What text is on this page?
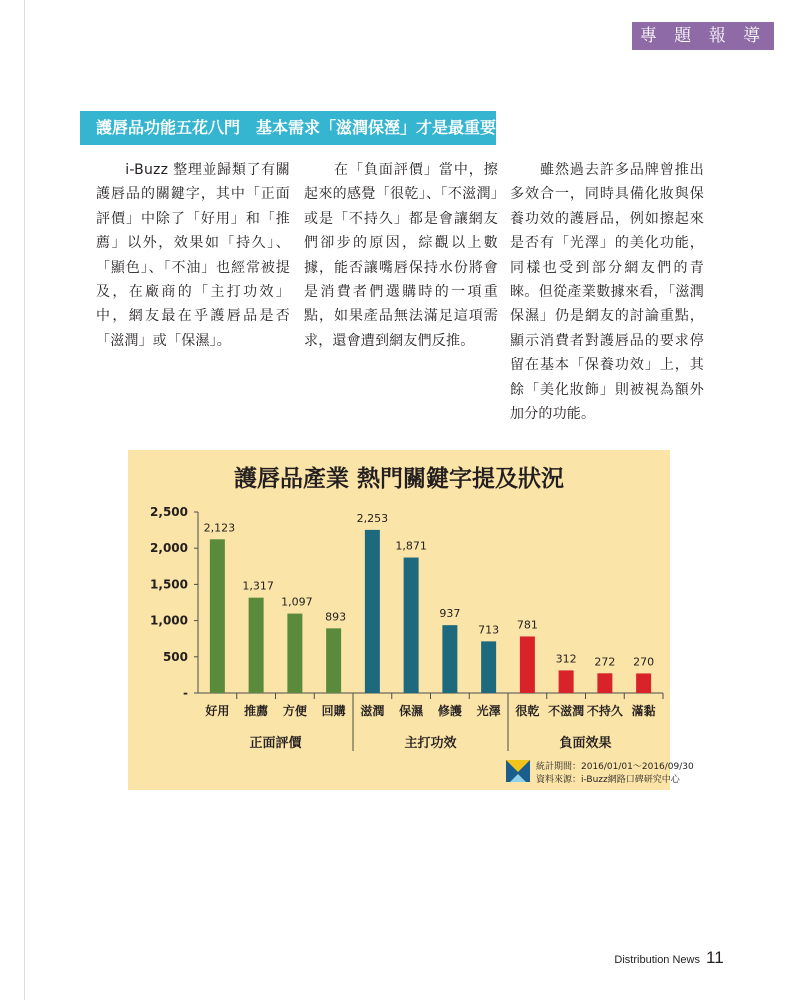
專 題 報 導
護唇品功能五花八門　基本需求「滋潤保溼」才是最重要
　　i-Buzz 整理並歸類了有關護唇品的關鍵字，其中「正面評價」中除了「好用」和「推薦」以外，效果如「持久」、「顯色」、「不油」也經常被提及，在廠商的「主打功效」中，網友最在乎護唇品是否「滋潤」或「保濕」。
　　在「負面評價」當中，擦起來的感覺「很乾」、「不滋潤」或是「不持久」都是會讓網友們卻步的原因，綜觀以上數據，能否讓嘴唇保持水份將會是消費者們選購時的一項重點，如果產品無法滿足這項需求，還會遭到網友們反推。
　　雖然過去許多品牌曾推出多效合一，同時具備化妝與保養功效的護唇品，例如擦起來是否有「光澤」的美化功能，同樣也受到部分網友們的青睞。但從產業數據來看，「滋潤保濕」仍是網友的討論重點，顯示消費者對護唇品的要求停留在基本「保養功效」上，其餘「美化妝飾」則被視為額外加分的功能。
護唇品產業 熱門關鍵字提及狀況
-
500
1,000
1,500
2,000
2,500
2,123
好用
1,317
推薦
1,097
方便
893
回購
2,253
滋潤
1,871
保濕
937
修護
713
光澤
781
很乾
312
不滋潤
272
不持久
270
滿黏
正面評價	主打功效	負面效果
統計期間：2016/01/01～2016/09/30
資料來源：i-Buzz網路口碑研究中心
Distribution News 11
